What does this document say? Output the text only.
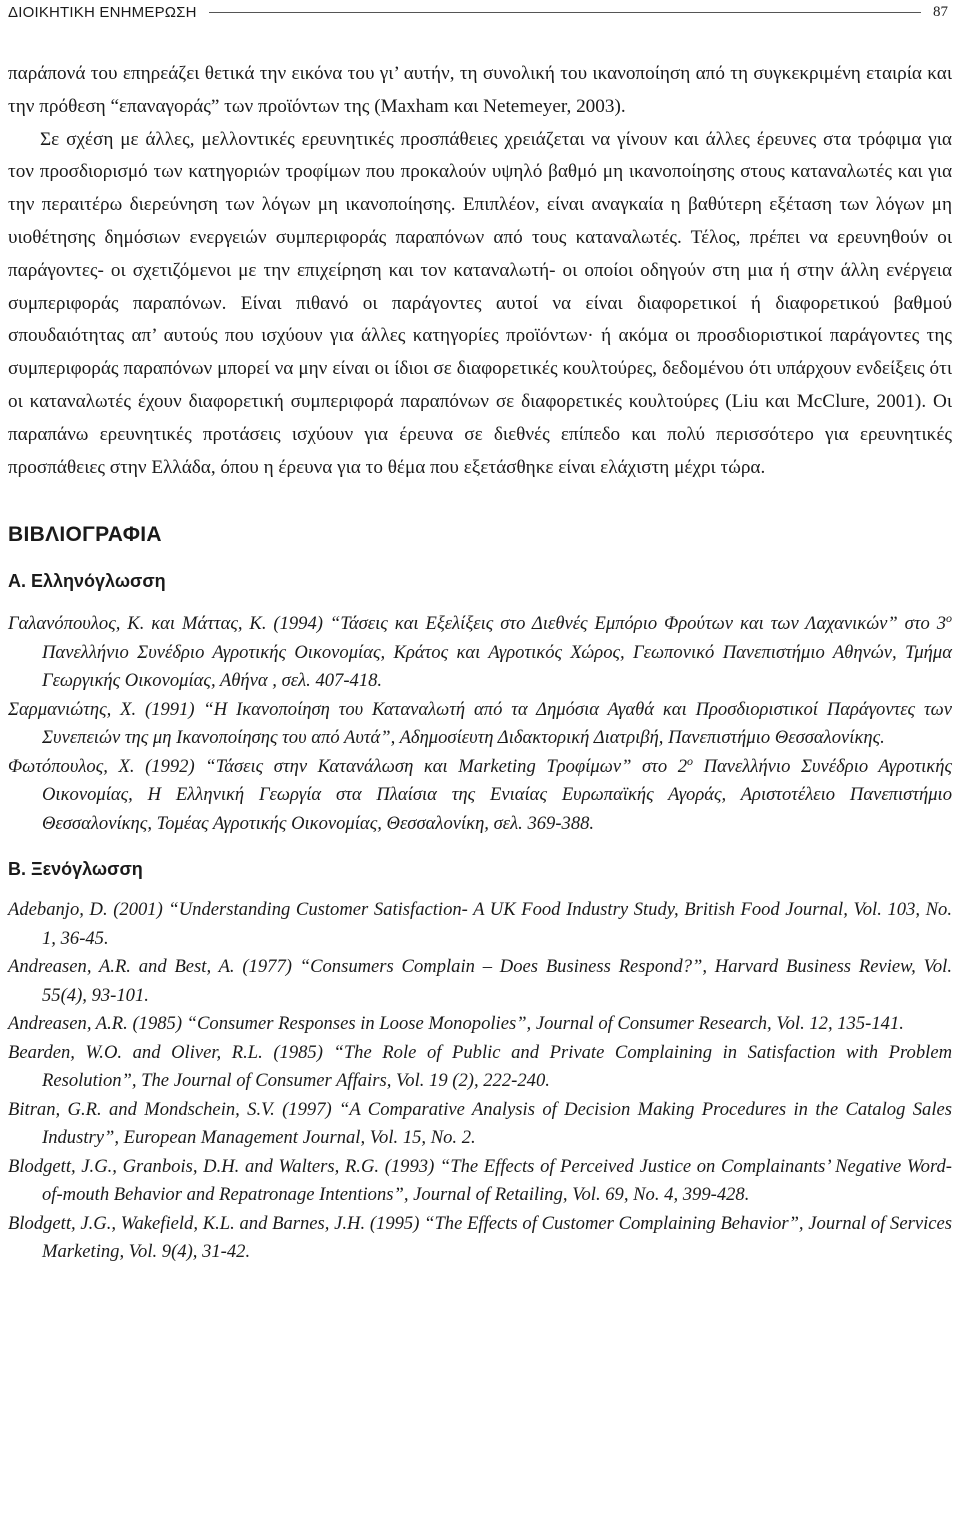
ΔΙΟΙΚΗΤΙΚΗ ΕΝΗΜΕΡΩΣΗ	87

παράπονά του επηρεάζει θετικά την εικόνα του γι’ αυτήν, τη συνολική του ικανοποίηση από τη συγκεκριμένη εταιρία και την πρόθεση “επαναγοράς” των προϊόντων της (Maxham και Netemeyer, 2003).

Σε σχέση με άλλες, μελλοντικές ερευνητικές προσπάθειες χρειάζεται να γίνουν και άλλες έρευνες στα τρόφιμα για τον προσδιορισμό των κατηγοριών τροφίμων που προκαλούν υψηλό βαθμό μη ικανοποίησης στους καταναλωτές και για την περαιτέρω διερεύνηση των λόγων μη ικανοποίησης. Επιπλέον, είναι αναγκαία η βαθύτερη εξέταση των λόγων μη υιοθέτησης δημόσιων ενεργειών συμπεριφοράς παραπόνων από τους καταναλωτές. Τέλος, πρέπει να ερευνηθούν οι παράγοντες- οι σχετιζόμενοι με την επιχείρηση και τον καταναλωτή- οι οποίοι οδηγούν στη μια ή στην άλλη ενέργεια συμπεριφοράς παραπόνων. Είναι πιθανό οι παράγοντες αυτοί να είναι διαφορετικοί ή διαφορετικού βαθμού σπουδαιότητας απ’ αυτούς που ισχύουν για άλλες κατηγορίες προϊόντων· ή ακόμα οι προσδιοριστικοί παράγοντες της συμπεριφοράς παραπόνων μπορεί να μην είναι οι ίδιοι σε διαφορετικές κουλτούρες, δεδομένου ότι υπάρχουν ενδείξεις ότι οι καταναλωτές έχουν διαφορετική συμπεριφορά παραπόνων σε διαφορετικές κουλτούρες (Liu και McClure, 2001). Οι παραπάνω ερευνητικές προτάσεις ισχύουν για έρευνα σε διεθνές επίπεδο και πολύ περισσότερο για ερευνητικές προσπάθειες στην Ελλάδα, όπου η έρευνα για το θέμα που εξετάσθηκε είναι ελάχιστη μέχρι τώρα.

ΒΙΒΛΙΟΓΡΑΦΙΑ
Α. Ελληνόγλωσση

Γαλανόπουλος, Κ. και Μάττας, Κ. (1994) “Τάσεις και Εξελίξεις στο Διεθνές Εμπόριο Φρούτων και των Λαχανικών” στο $3^o$ Πανελλήνιο Συνέδριο Αγροτικής Οικονομίας, Κράτος και Αγροτικός Χώρος, Γεωπονικό Πανεπιστήμιο Αθηνών, Τμήμα Γεωργικής Οικονομίας, Αθήνα , σελ. 407-418.

Σαρμανιώτης, Χ. (1991) “Η Ικανοποίηση του Καταναλωτή από τα Δημόσια Αγαθά και Προσδιοριστικοί Παράγοντες των Συνεπειών της μη Ικανοποίησης του από Αυτά”, Αδημοσίευτη Διδακτορική Διατριβή, Πανεπιστήμιο Θεσσαλονίκης.

Φωτόπουλος, Χ. (1992) “Τάσεις στην Κατανάλωση και Marketing Τροφίμων” στο $2^o$ Πανελλήνιο Συνέδριο Αγροτικής Οικονομίας, Η Ελληνική Γεωργία στα Πλαίσια της Ενιαίας Ευρωπαϊκής Αγοράς, Αριστοτέλειο Πανεπιστήμιο Θεσσαλονίκης, Τομέας Αγροτικής Οικονομίας, Θεσσαλονίκη, σελ. 369-388.

Β. Ξενόγλωσση

Adebanjo, D. (2001) “Understanding Customer Satisfaction- A UK Food Industry Study, British Food Journal, Vol. 103, No. 1, 36-45.

Andreasen, A.R. and Best, A. (1977) “Consumers Complain – Does Business Respond?”, Harvard Business Review, Vol. 55(4), 93-101.

Andreasen, A.R. (1985) “Consumer Responses in Loose Monopolies”, Journal of Consumer Research, Vol. 12, 135-141.

Bearden, W.O. and Oliver, R.L. (1985) “The Role of Public and Private Complaining in Satisfaction with Problem Resolution”, The Journal of Consumer Affairs, Vol. 19 (2), 222-240.

Bitran, G.R. and Mondschein, S.V. (1997) “A Comparative Analysis of Decision Making Procedures in the Catalog Sales Industry”, European Management Journal, Vol. 15, No. 2.

Blodgett, J.G., Granbois, D.H. and Walters, R.G. (1993) “The Effects of Perceived Justice on Complainants’ Negative Word-of-mouth Behavior and Repatronage Intentions”, Journal of Retailing, Vol. 69, No. 4, 399-428.

Blodgett, J.G., Wakefield, K.L. and Barnes, J.H. (1995) “The Effects of Customer Complaining Behavior”, Journal of Services Marketing, Vol. 9(4), 31-42.
